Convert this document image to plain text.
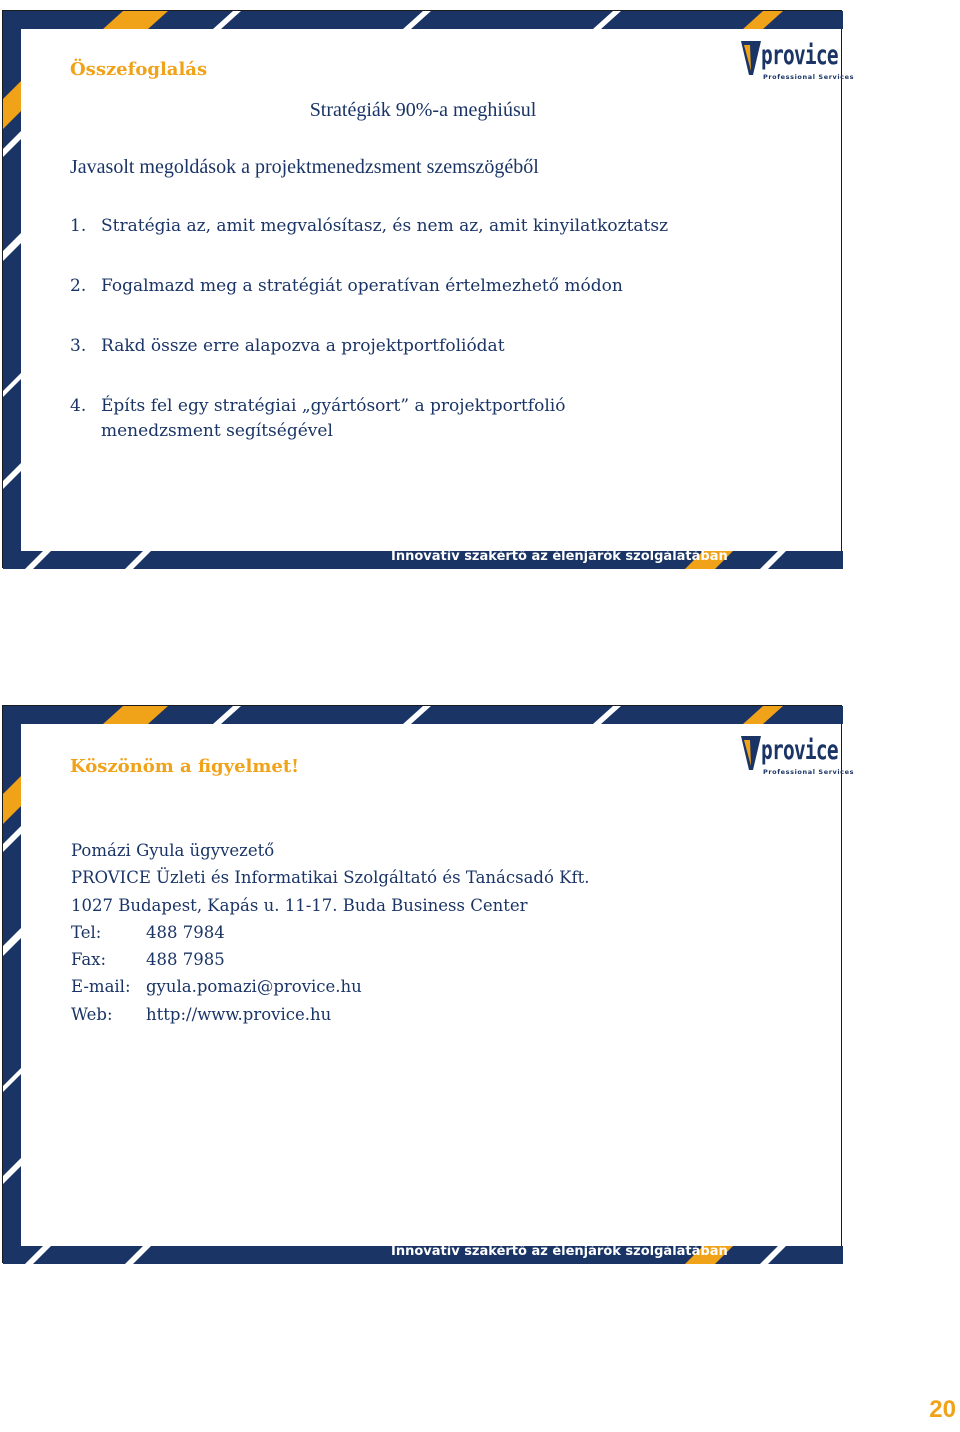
provice
Professional Services
Összefoglalás
Stratégiák 90%-a meghiúsul
Javasolt megoldások a projektmenedzsment szemszögéből
1. Stratégia az, amit megvalósítasz, és nem az, amit kinyilatkoztatsz
2. Fogalmazd meg a stratégiát operatívan értelmezhető módon
3. Rakd össze erre alapozva a projektportfoliódat
4. Építs fel egy stratégiai „gyártósort” a projektportfolió menedzsment segítségével
Innovatív szakértő az élenjárók szolgálatában
provice
Professional Services
Köszönöm a figyelmet!
Pomázi Gyula ügyvezető
PROVICE Üzleti és Informatikai Szolgáltató és Tanácsadó Kft.
1027 Budapest, Kapás u. 11-17. Buda Business Center
Tel:	488 7984
Fax: 488 7985
E-mail: gyula.pomazi@provice.hu
Web: http://www.provice.hu
Innovatív szakértő az élenjárók szolgálatában
20
